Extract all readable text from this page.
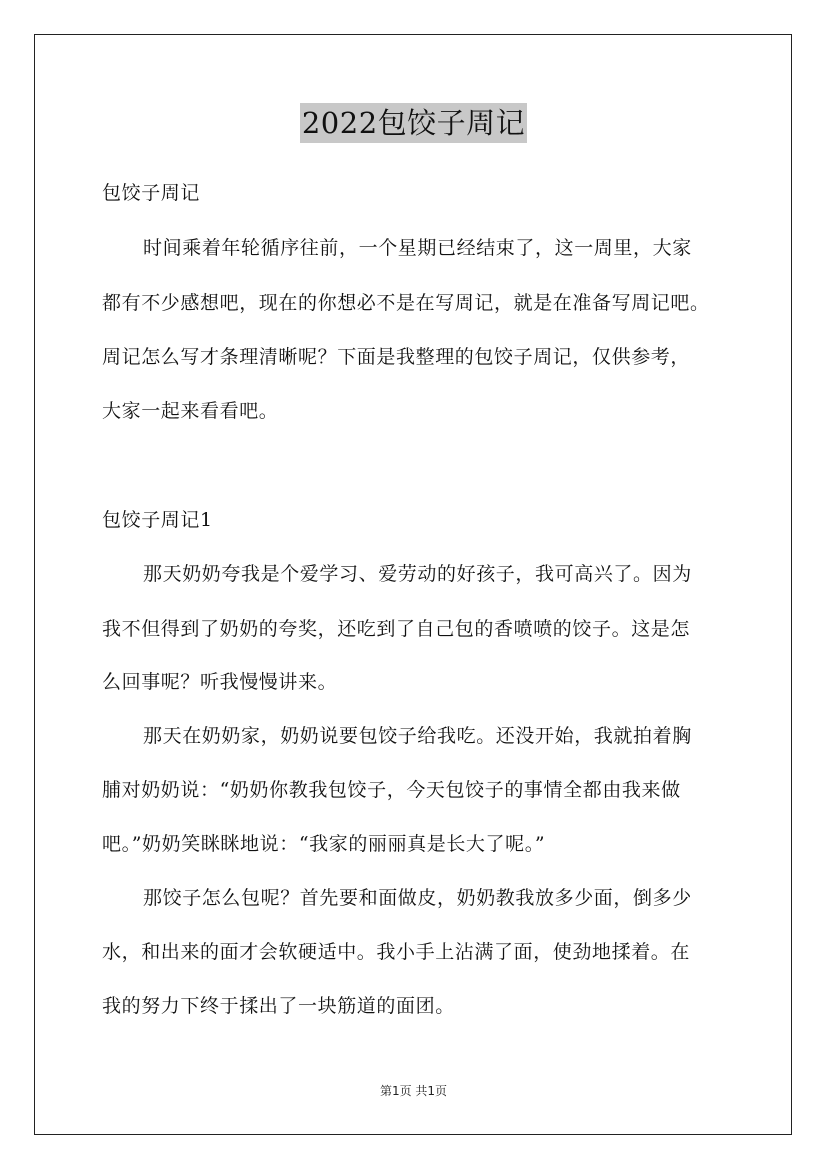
2022包饺子周记
包饺子周记
时间乘着年轮循序往前，一个星期已经结束了，这一周里，大家
都有不少感想吧，现在的你想必不是在写周记，就是在准备写周记吧。
周记怎么写才条理清晰呢？下面是我整理的包饺子周记，仅供参考，
大家一起来看看吧。
包饺子周记1
那天奶奶夸我是个爱学习、爱劳动的好孩子，我可高兴了。因为
我不但得到了奶奶的夸奖，还吃到了自己包的香喷喷的饺子。这是怎
么回事呢？听我慢慢讲来。
那天在奶奶家，奶奶说要包饺子给我吃。还没开始，我就拍着胸
脯对奶奶说：“奶奶你教我包饺子，今天包饺子的事情全都由我来做
吧。”奶奶笑眯眯地说：“我家的丽丽真是长大了呢。”
那饺子怎么包呢？首先要和面做皮，奶奶教我放多少面，倒多少
水，和出来的面才会软硬适中。我小手上沾满了面，使劲地揉着。在
我的努力下终于揉出了一块筋道的面团。
第1页 共1页
